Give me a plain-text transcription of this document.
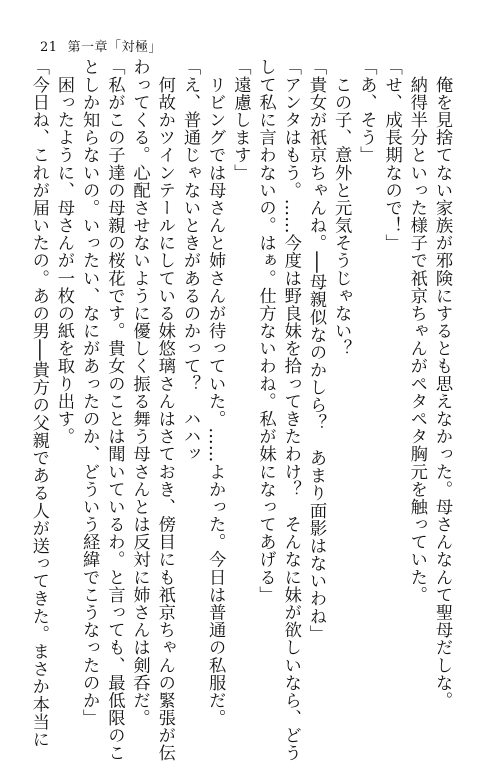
21 第一章「対極」
　俺を見捨てない家族が邪険にするとも思えなかった。母さんなんて聖母だしな。
　納得半分といった様子で祇京ちゃんがペタペタ胸元を触っていた。
「せ、成長期なので！」
「あ、そう」
　この子、意外と元気そうじゃない？
「貴女が祇京ちゃんね。──母親似なのかしら？　あまり面影はないわね」
「アンタはもう。……今度は野良妹を拾ってきたわけ？　そんなに妹が欲しいなら、どう
して私に言わないの。はぁ。仕方ないわね。私が妹になってあげる」
「遠慮します」
　リビングでは母さんと姉さんが待っていた。……よかった。今日は普通の私服だ。
「え、普通じゃないときがあるのかって？　ハハッ
　何故かツインテールにしている妹悠璃さんはさておき、傍目にも祇京ちゃんの緊張が伝
わってくる。心配させないように優しく振る舞う母さんとは反対に姉さんは剣呑だ。
「私がこの子達の母親の桜花です。貴女のことは聞いているわ。と言っても、最低限のこ
としか知らないの。いったい、なにがあったのか、どういう経緯でこうなったのか」
　困ったように、母さんが一枚の紙を取り出す。
「今日ね、これが届いたの。あの男──貴方の父親である人が送ってきた。まさか本当に
